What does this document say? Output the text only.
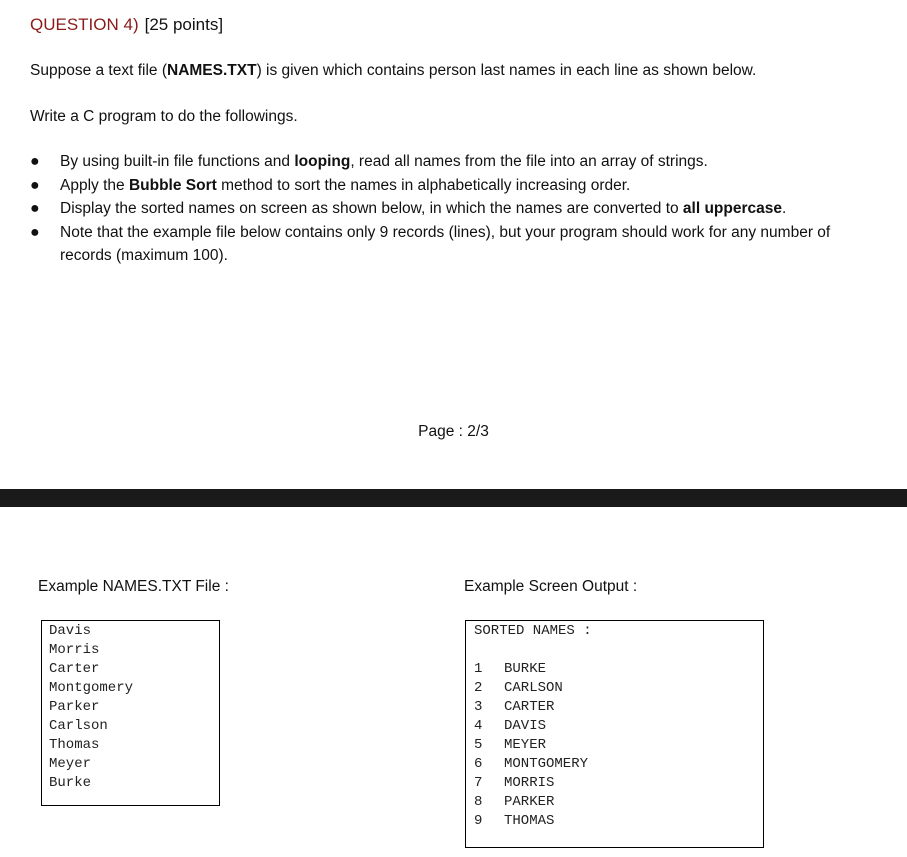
QUESTION 4) [25 points]
Suppose a text file (NAMES.TXT) is given which contains person last names in each line as shown below.
Write a C program to do the followings.
● By using built-in file functions and looping, read all names from the file into an array of strings.
● Apply the Bubble Sort method to sort the names in alphabetically increasing order.
● Display the sorted names on screen as shown below, in which the names are converted to all uppercase.
● Note that the example file below contains only 9 records (lines), but your program should work for any number of records (maximum 100).
Page : 2/3
Example NAMES.TXT File :	Example Screen Output :
Davis
Morris
Carter
Montgomery
Parker
Carlson
Thomas
Meyer
Burke
SORTED NAMES :
1 BURKE
2 CARLSON
3 CARTER
4 DAVIS
5 MEYER
6 MONTGOMERY
7 MORRIS
8 PARKER
9 THOMAS
